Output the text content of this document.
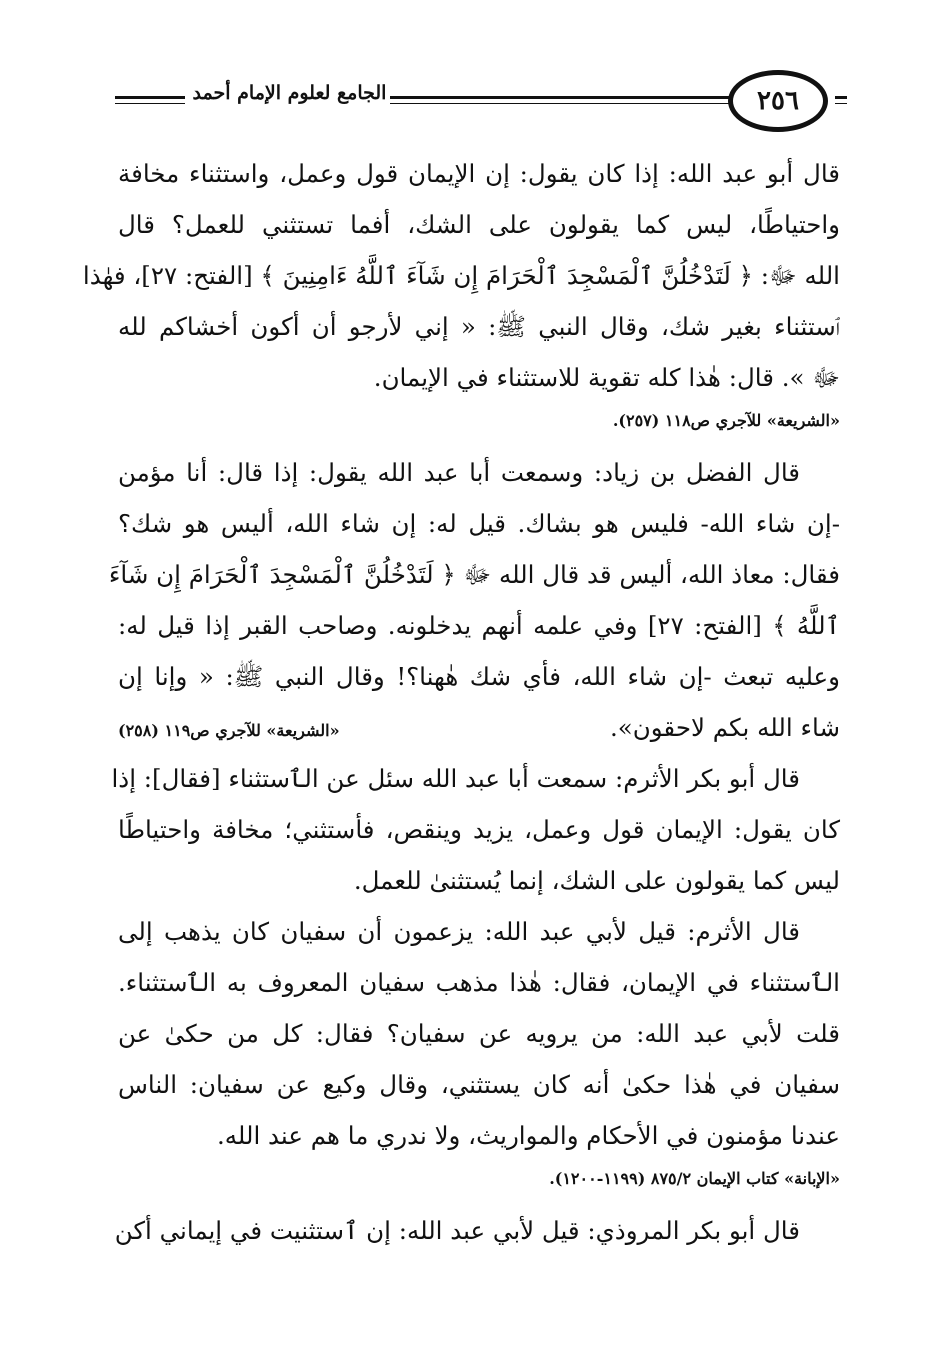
الجامع لعلوم الإمام أحمد	٢٥٦
قال أبو عبد الله: إذا كان يقول: إن الإيمان قول وعمل، واستثناء مخافة
واحتياطًا، ليس كما يقولون على الشك، أفما تستثني للعمل؟ قال
الله ﷻ: ﴿ لَتَدْخُلُنَّ ٱلْمَسْجِدَ ٱلْحَرَامَ إِن شَآءَ ٱللَّهُ ءَامِنِينَ ﴾ [الفتح: ٢٧]، فهٰذا
ٱستثناء بغير شك، وقال النبي ﷺ: « إني لأرجو أن أكون أخشاكم لله
ﷻ ». قال: هٰذا كله تقوية للاستثناء في الإيمان.
«الشريعة» للآجري ص١١٨ (٢٥٧).
قال الفضل بن زياد: وسمعت أبا عبد الله يقول: إذا قال: أنا مؤمن
-إن شاء الله- فليس هو بشاك. قيل له: إن شاء الله، أليس هو شك؟
فقال: معاذ الله، أليس قد قال الله ﷻ ﴿ لَتَدْخُلُنَّ ٱلْمَسْجِدَ ٱلْحَرَامَ إِن شَآءَ
ٱللَّهُ ﴾ [الفتح: ٢٧] وفي علمه أنهم يدخلونه. وصاحب القبر إذا قيل له:
وعليه تبعث -إن شاء الله، فأي شك هٰهنا؟! وقال النبي ﷺ: « وإنا إن
شاء الله بكم لاحقون».
«الشريعة» للآجري ص١١٩ (٢٥٨)
قال أبو بكر الأثرم: سمعت أبا عبد الله سئل عن الٱستثناء [فقال]: إذا
كان يقول: الإيمان قول وعمل، يزيد وينقص، فأستثني؛ مخافة واحتياطًا
ليس كما يقولون على الشك، إنما يُستثنىٰ للعمل.
قال الأثرم: قيل لأبي عبد الله: يزعمون أن سفيان كان يذهب إلى
الٱستثناء في الإيمان، فقال: هٰذا مذهب سفيان المعروف به الٱستثناء.
قلت لأبي عبد الله: من يرويه عن سفيان؟ فقال: كل من حكىٰ عن
سفيان في هٰذا حكىٰ أنه كان يستثني، وقال وكيع عن سفيان: الناس
عندنا مؤمنون في الأحكام والمواريث، ولا ندري ما هم عند الله.
«الإبانة» كتاب الإيمان ٨٧٥/٢ (١١٩٩-١٢٠٠).
قال أبو بكر المروذي: قيل لأبي عبد الله: إن ٱستثنيت في إيماني أكن
